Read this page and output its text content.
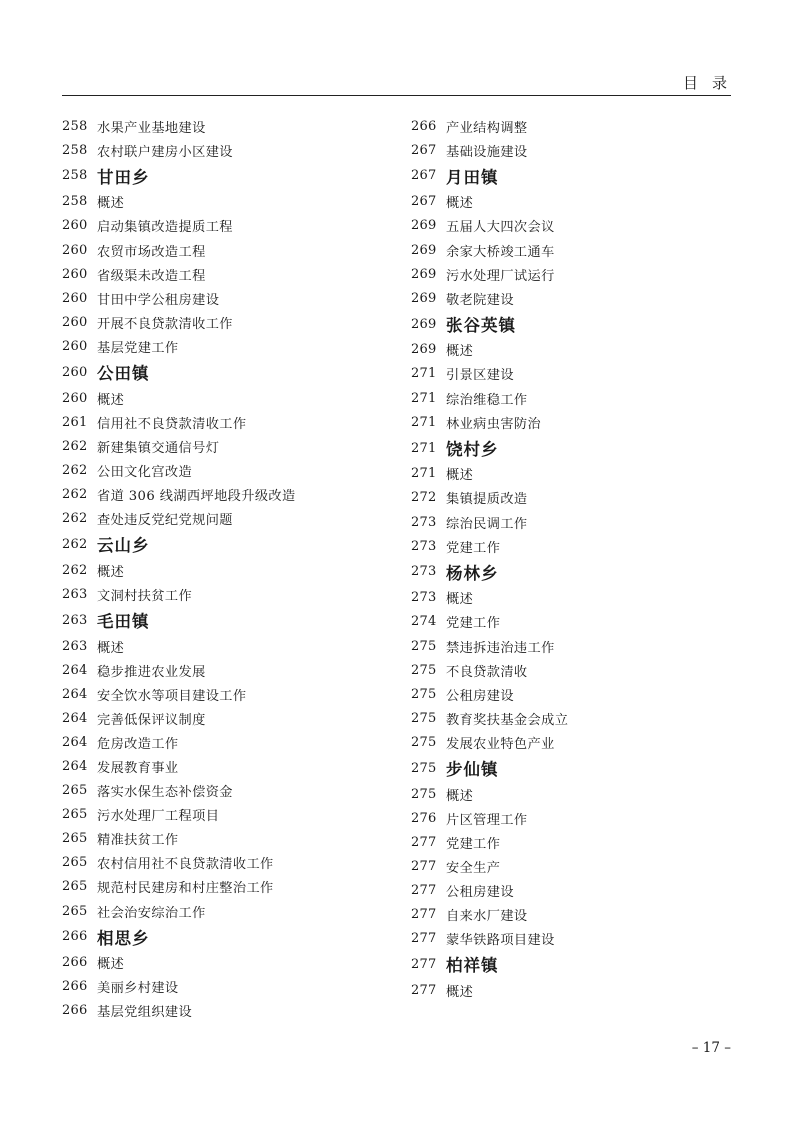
目录
258 水果产业基地建设
258 农村联户建房小区建设
258 甘田乡
258 概述
260 启动集镇改造提质工程
260 农贸市场改造工程
260 省级渠未改造工程
260 甘田中学公租房建设
260 开展不良贷款清收工作
260 基层党建工作
260 公田镇
260 概述
261 信用社不良贷款清收工作
262 新建集镇交通信号灯
262 公田文化宫改造
262 省道 306 线湖西坪地段升级改造
262 查处违反党纪党规问题
262 云山乡
262 概述
263 文洞村扶贫工作
263 毛田镇
263 概述
264 稳步推进农业发展
264 安全饮水等项目建设工作
264 完善低保评议制度
264 危房改造工作
264 发展教育事业
265 落实水保生态补偿资金
265 污水处理厂工程项目
265 精准扶贫工作
265 农村信用社不良贷款清收工作
265 规范村民建房和村庄整治工作
265 社会治安综治工作
266 相思乡
266 概述
266 美丽乡村建设
266 基层党组织建设
266 产业结构调整
267 基础设施建设
267 月田镇
267 概述
269 五届人大四次会议
269 余家大桥竣工通车
269 污水处理厂试运行
269 敬老院建设
269 张谷英镇
269 概述
271 引景区建设
271 综治维稳工作
271 林业病虫害防治
271 饶村乡
271 概述
272 集镇提质改造
273 综治民调工作
273 党建工作
273 杨林乡
273 概述
274 党建工作
275 禁违拆违治违工作
275 不良贷款清收
275 公租房建设
275 教育奖扶基金会成立
275 发展农业特色产业
275 步仙镇
275 概述
276 片区管理工作
277 党建工作
277 安全生产
277 公租房建设
277 自来水厂建设
277 蒙华铁路项目建设
277 柏祥镇
277 概述
– 17 –
